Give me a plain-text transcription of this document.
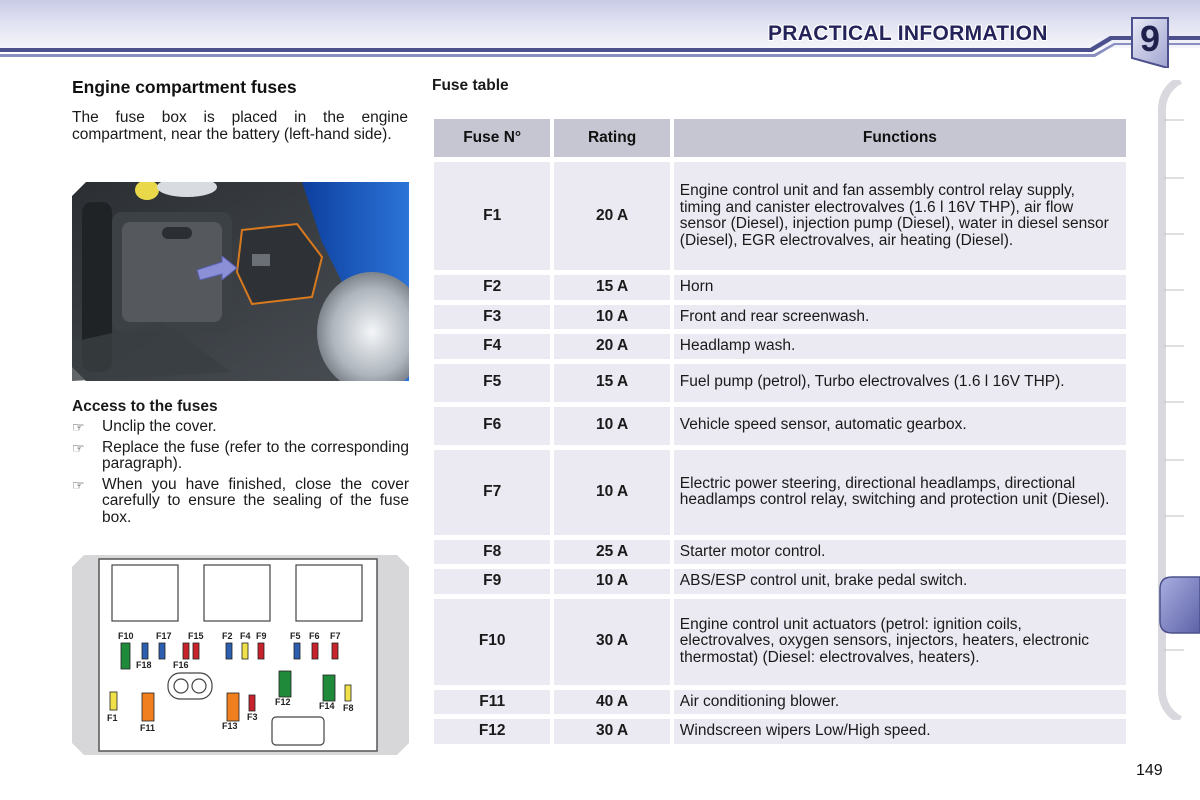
PRACTICAL INFORMATION	9
Engine compartment fuses

The fuse box is placed in the engine compartment, near the battery (left-hand side).

Access to the fuses
☞ Unclip the cover.
☞ Replace the fuse (refer to the corresponding paragraph).
☞ When you have finished, close the cover carefully to ensure the sealing of the fuse box.
F10 F17 F15 F2 F4 F9	F5 F6 F7
F18 F16
F1
F11	F13
F3
F12	F14 F8
Fuse table
Fuse N°	Rating	Functions
F1	20 A	Engine control unit and fan assembly control relay supply, timing and canister electrovalves (1.6 l 16V THP), air flow sensor (Diesel), injection pump (Diesel), water in diesel sensor (Diesel), EGR electrovalves, air heating (Diesel).
F2	15 A	Horn
F3	10 A	Front and rear screenwash.
F4	20 A	Headlamp wash.
F5	15 A	Fuel pump (petrol), Turbo electrovalves (1.6 l 16V THP).
F6	10 A	Vehicle speed sensor, automatic gearbox.
F7	10 A	Electric power steering, directional headlamps, directional headlamps control relay, switching and protection unit (Diesel).
F8	25 A	Starter motor control.
F9	10 A	ABS/ESP control unit, brake pedal switch.
F10	30 A	Engine control unit actuators (petrol: ignition coils, electrovalves, oxygen sensors, injectors, heaters, electronic thermostat) (Diesel: electrovalves, heaters).
F11	40 A	Air conditioning blower.
F12	30 A	Windscreen wipers Low/High speed.
149
